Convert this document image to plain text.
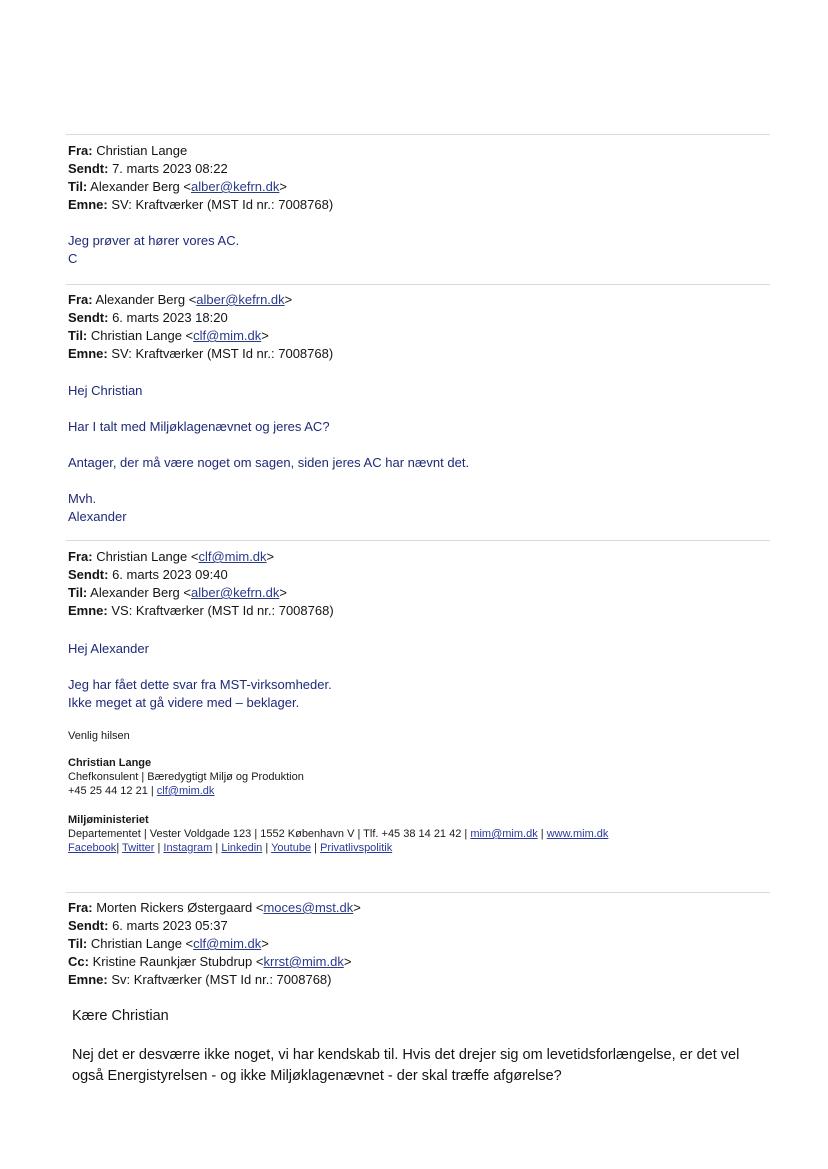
Fra: Christian Lange
Sendt: 7. marts 2023 08:22
Til: Alexander Berg <alber@kefrn.dk>
Emne: SV: Kraftværker (MST Id nr.: 7008768)
Jeg prøver at hører vores AC.
C
Fra: Alexander Berg <alber@kefrn.dk>
Sendt: 6. marts 2023 18:20
Til: Christian Lange <clf@mim.dk>
Emne: SV: Kraftværker (MST Id nr.: 7008768)
Hej Christian
Har I talt med Miljøklagenævnet og jeres AC?
Antager, der må være noget om sagen, siden jeres AC har nævnt det.
Mvh.
Alexander
Fra: Christian Lange <clf@mim.dk>
Sendt: 6. marts 2023 09:40
Til: Alexander Berg <alber@kefrn.dk>
Emne: VS: Kraftværker (MST Id nr.: 7008768)
Hej Alexander
Jeg har fået dette svar fra MST-virksomheder.
Ikke meget at gå videre med – beklager.
Venlig hilsen
Christian Lange
Chefkonsulent | Bæredygtigt Miljø og Produktion
+45 25 44 12 21 | clf@mim.dk
Miljøministeriet
Departementet | Vester Voldgade 123 | 1552 København V | Tlf. +45 38 14 21 42 | mim@mim.dk | www.mim.dk
Facebook| Twitter | Instagram | Linkedin | Youtube | Privatlivspolitik
Fra: Morten Rickers Østergaard <moces@mst.dk>
Sendt: 6. marts 2023 05:37
Til: Christian Lange <clf@mim.dk>
Cc: Kristine Raunkjær Stubdrup <krrst@mim.dk>
Emne: Sv: Kraftværker (MST Id nr.: 7008768)
Kære Christian
Nej det er desværre ikke noget, vi har kendskab til. Hvis det drejer sig om levetidsforlængelse, er det vel
også Energistyrelsen - og ikke Miljøklagenævnet - der skal træffe afgørelse?
